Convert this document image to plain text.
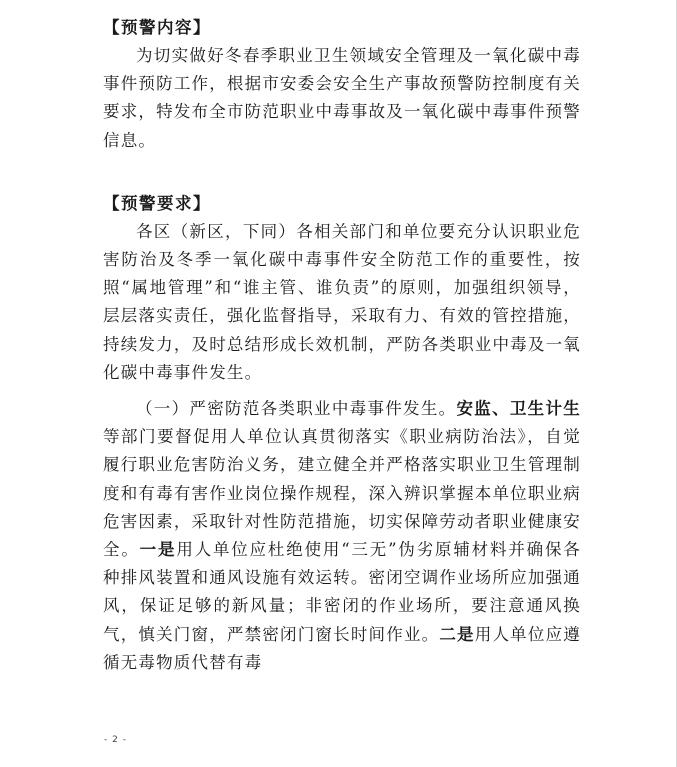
【预警内容】

为切实做好冬春季职业卫生领域安全管理及一氧化碳中毒事件预防工作，根据市安委会安全生产事故预警防控制度有关要求，特发布全市防范职业中毒事故及一氧化碳中毒事件预警信息。

【预警要求】

各区（新区，下同）各相关部门和单位要充分认识职业危害防治及冬季一氧化碳中毒事件安全防范工作的重要性，按照“属地管理”和“谁主管、谁负责”的原则，加强组织领导，层层落实责任，强化监督指导，采取有力、有效的管控措施，持续发力，及时总结形成长效机制，严防各类职业中毒及一氧化碳中毒事件发生。

（一）严密防范各类职业中毒事件发生。安监、卫生计生等部门要督促用人单位认真贯彻落实《职业病防治法》，自觉履行职业危害防治义务，建立健全并严格落实职业卫生管理制度和有毒有害作业岗位操作规程，深入辨识掌握本单位职业病危害因素，采取针对性防范措施，切实保障劳动者职业健康安全。一是用人单位应杜绝使用“三无”伪劣原辅材料并确保各种排风装置和通风设施有效运转。密闭空调作业场所应加强通风，保证足够的新风量；非密闭的作业场所，要注意通风换气，慎关门窗，严禁密闭门窗长时间作业。二是用人单位应遵循无毒物质代替有毒

- 2 -
